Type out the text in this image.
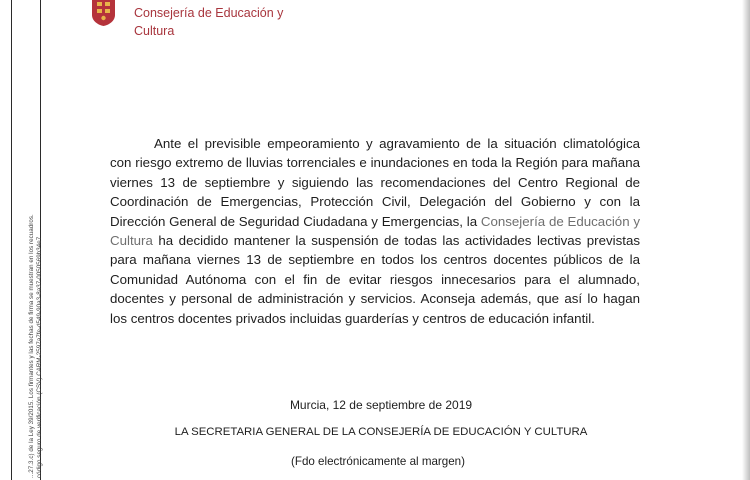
...27.3.c) de la Ley 39/2015. Los firmantes y las fechas de firma se muestran en los recuadros. código seguro de verificación (CSV) CARM-2597a7fe-d549-90a3-8a37-0050569b34e7
Consejería de Educación y
Cultura
Ante el previsible empeoramiento y agravamiento de la situación climatológica con riesgo extremo de lluvias torrenciales e inundaciones en toda la Región para mañana viernes 13 de septiembre y siguiendo las recomendaciones del Centro Regional de Coordinación de Emergencias, Protección Civil, Delegación del Gobierno y con la Dirección General de Seguridad Ciudadana y Emergencias, la Consejería de Educación y Cultura ha decidido mantener la suspensión de todas las actividades lectivas previstas para mañana viernes 13 de septiembre en todos los centros docentes públicos de la Comunidad Autónoma con el fin de evitar riesgos innecesarios para el alumnado, docentes y personal de administración y servicios. Aconseja además, que así lo hagan los centros docentes privados incluidas guarderías y centros de educación infantil.
Murcia, 12 de septiembre de 2019
LA SECRETARIA GENERAL DE LA CONSEJERÍA DE EDUCACIÓN Y CULTURA
(Fdo electrónicamente al margen)
